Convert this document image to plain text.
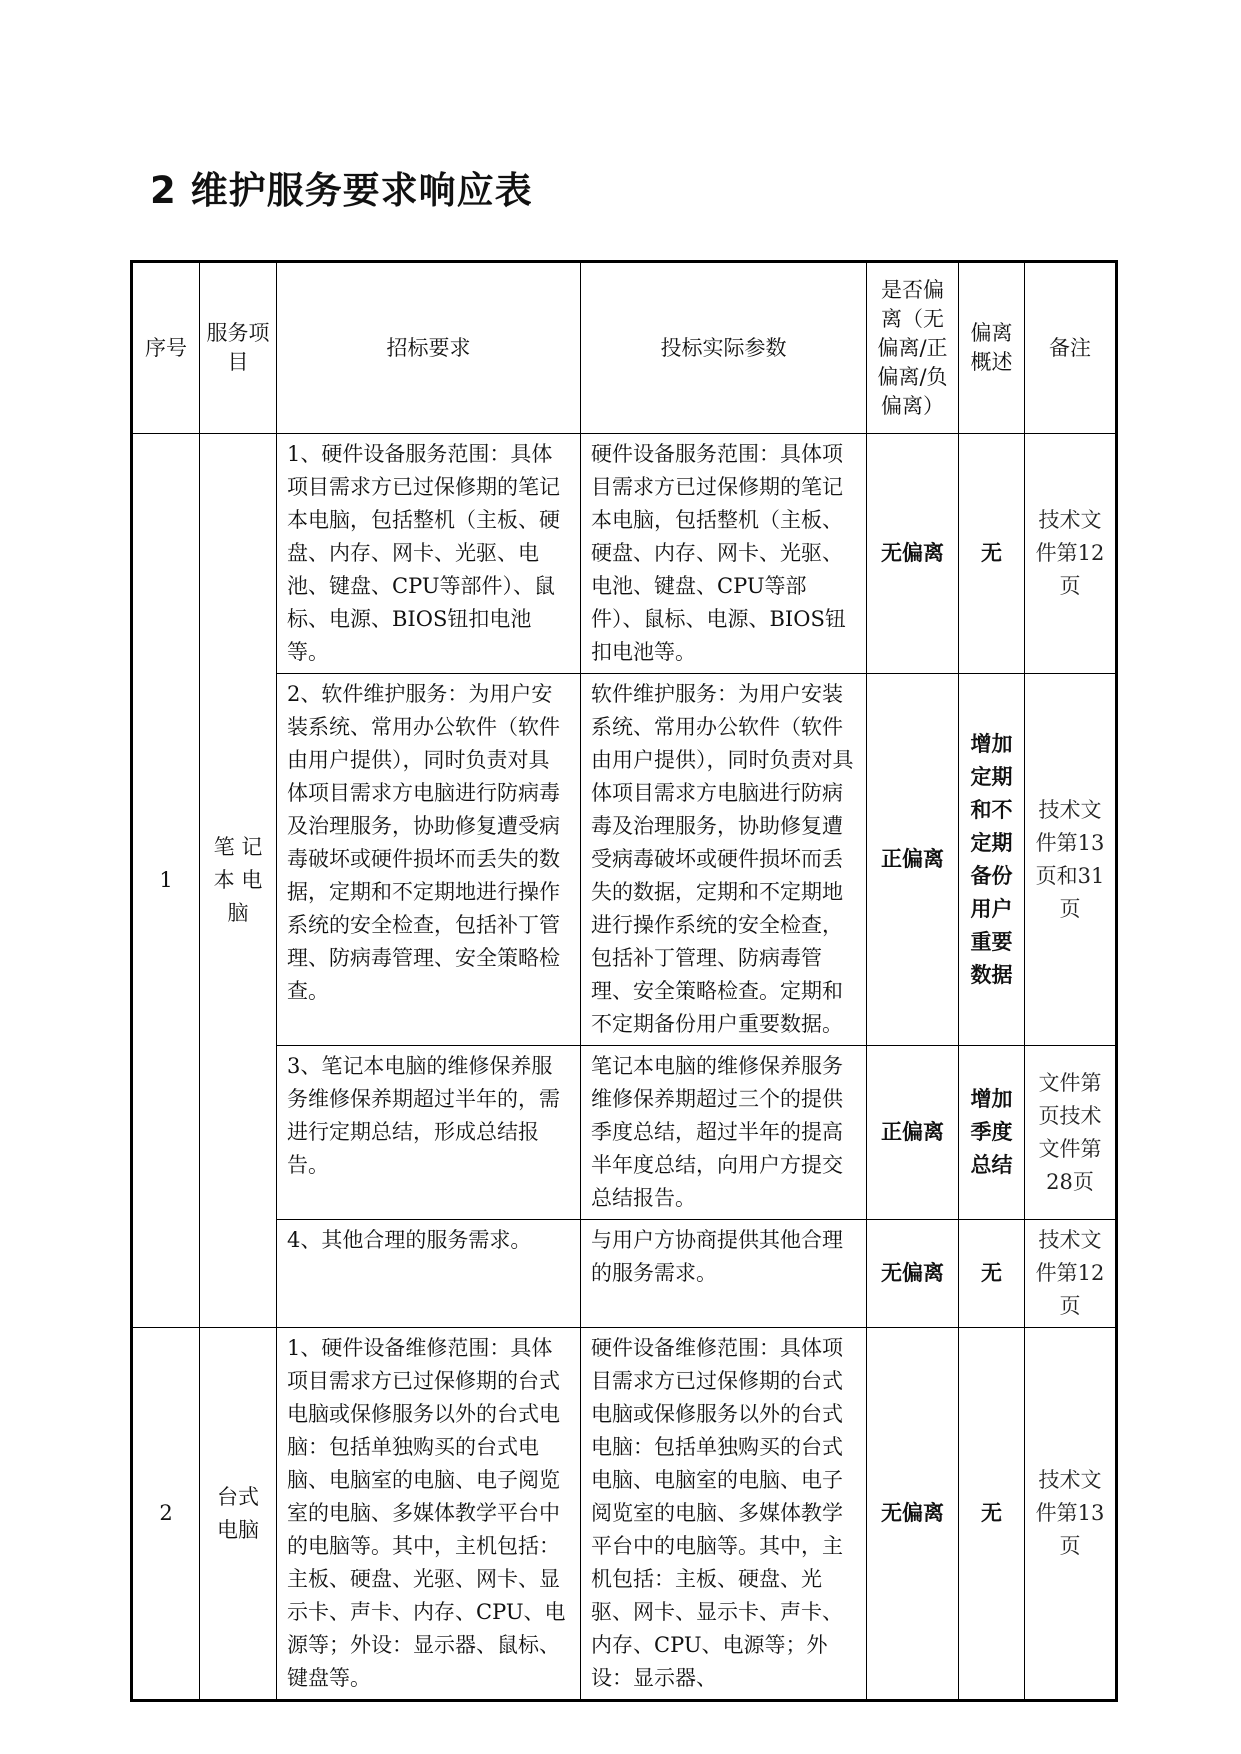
2 维护服务要求响应表
序号	服务项目	招标要求	投标实际参数	是否偏离（无偏离/正偏离/负偏离）	偏离概述	备注
1	笔 记 本 电 脑	1、硬件设备服务范围：具体项目需求方已过保修期的笔记本电脑，包括整机（主板、硬盘、内存、网卡、光驱、电池、键盘、CPU等部件）、鼠标、电源、BIOS钮扣电池等。	硬件设备服务范围：具体项目需求方已过保修期的笔记本电脑，包括整机（主板、硬盘、内存、网卡、光驱、电池、键盘、CPU等部件）、鼠标、电源、BIOS钮扣电池等。	无偏离	无	技术文件第12页
		2、软件维护服务：为用户安装系统、常用办公软件（软件由用户提供），同时负责对具体项目需求方电脑进行防病毒及治理服务，协助修复遭受病毒破坏或硬件损坏而丢失的数据，定期和不定期地进行操作系统的安全检查，包括补丁管理、防病毒管理、安全策略检查。	软件维护服务：为用户安装系统、常用办公软件（软件由用户提供），同时负责对具体项目需求方电脑进行防病毒及治理服务，协助修复遭受病毒破坏或硬件损坏而丢失的数据，定期和不定期地进行操作系统的安全检查，包括补丁管理、防病毒管理、安全策略检查。定期和不定期备份用户重要数据。	正偏离	增加定期和不定期备份用户重要数据	技术文件第13页和31页
		3、笔记本电脑的维修保养服务维修保养期超过半年的，需进行定期总结，形成总结报告。	笔记本电脑的维修保养服务维修保养期超过三个的提供季度总结，超过半年的提高半年度总结，向用户方提交总结报告。	正偏离	增加季度总结	文件第页技术文件第28页
		4、其他合理的服务需求。	与用户方协商提供其他合理的服务需求。	无偏离	无	技术文件第12页
2	台式电脑	1、硬件设备维修范围：具体项目需求方已过保修期的台式电脑或保修服务以外的台式电脑：包括单独购买的台式电脑、电脑室的电脑、电子阅览室的电脑、多媒体教学平台中的电脑等。其中，主机包括：主板、硬盘、光驱、网卡、显示卡、声卡、内存、CPU、电源等；外设：显示器、鼠标、键盘等。	硬件设备维修范围：具体项目需求方已过保修期的台式电脑或保修服务以外的台式电脑：包括单独购买的台式电脑、电脑室的电脑、电子阅览室的电脑、多媒体教学平台中的电脑等。其中，主机包括：主板、硬盘、光驱、网卡、显示卡、声卡、内存、CPU、电源等；外设：显示器、	无偏离	无	技术文件第13页
